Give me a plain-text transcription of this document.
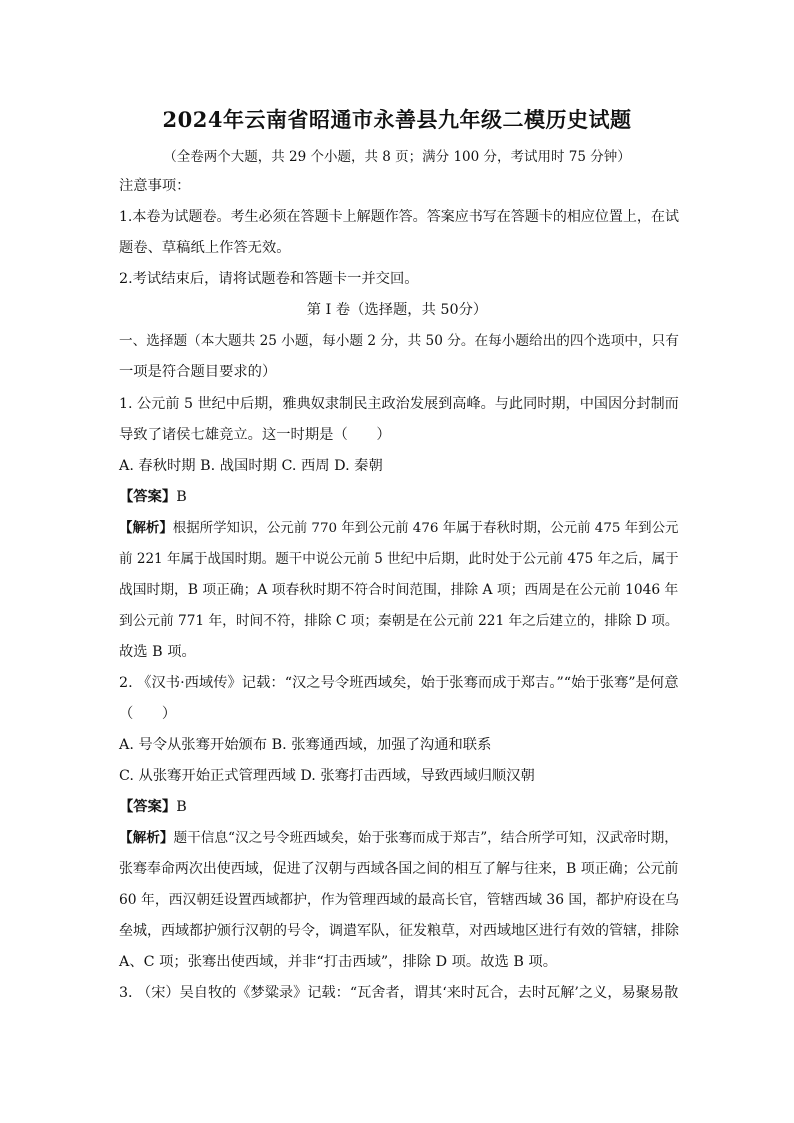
2024年云南省昭通市永善县九年级二模历史试题
（全卷两个大题，共 29 个小题，共 8 页；满分 100 分，考试用时 75 分钟）
注意事项：
1.本卷为试题卷。考生必须在答题卡上解题作答。答案应书写在答题卡的相应位置上，在试
题卷、草稿纸上作答无效。
2.考试结束后，请将试题卷和答题卡一并交回。
第 I 卷（选择题，共 50分）
一、选择题（本大题共 25 小题，每小题 2 分，共 50 分。在每小题给出的四个选项中，只有
一项是符合题目要求的）
1. 公元前 5 世纪中后期，雅典奴隶制民主政治发展到高峰。与此同时期，中国因分封制而
导致了诸侯七雄竞立。这一时期是（　　）
A. 春秋时期 B. 战国时期 C. 西周 D. 秦朝
【答案】B
【解析】根据所学知识，公元前 770 年到公元前 476 年属于春秋时期，公元前 475 年到公元
前 221 年属于战国时期。题干中说公元前 5 世纪中后期，此时处于公元前 475 年之后，属于
战国时期，B 项正确；A 项春秋时期不符合时间范围，排除 A 项；西周是在公元前 1046 年
到公元前 771 年，时间不符，排除 C 项；秦朝是在公元前 221 年之后建立的，排除 D 项。
故选 B 项。
2. 《汉书·西域传》记载：“汉之号令班西域矣，始于张骞而成于郑吉。”“始于张骞”是何意
（　　）
A. 号令从张骞开始颁布 B. 张骞通西域，加强了沟通和联系
C. 从张骞开始正式管理西域 D. 张骞打击西域，导致西域归顺汉朝
【答案】B
【解析】题干信息“汉之号令班西域矣，始于张骞而成于郑吉”，结合所学可知，汉武帝时期，
张骞奉命两次出使西域，促进了汉朝与西域各国之间的相互了解与往来，B 项正确；公元前
60 年，西汉朝廷设置西域都护，作为管理西域的最高长官，管辖西域 36 国，都护府设在乌
垒城，西域都护颁行汉朝的号令，调遣军队，征发粮草，对西域地区进行有效的管辖，排除
A、C 项；张骞出使西域，并非“打击西域”，排除 D 项。故选 B 项。
3. （宋）吴自牧的《梦粱录》记载：“瓦舍者，谓其‘来时瓦合，去时瓦解’之义，易聚易散
